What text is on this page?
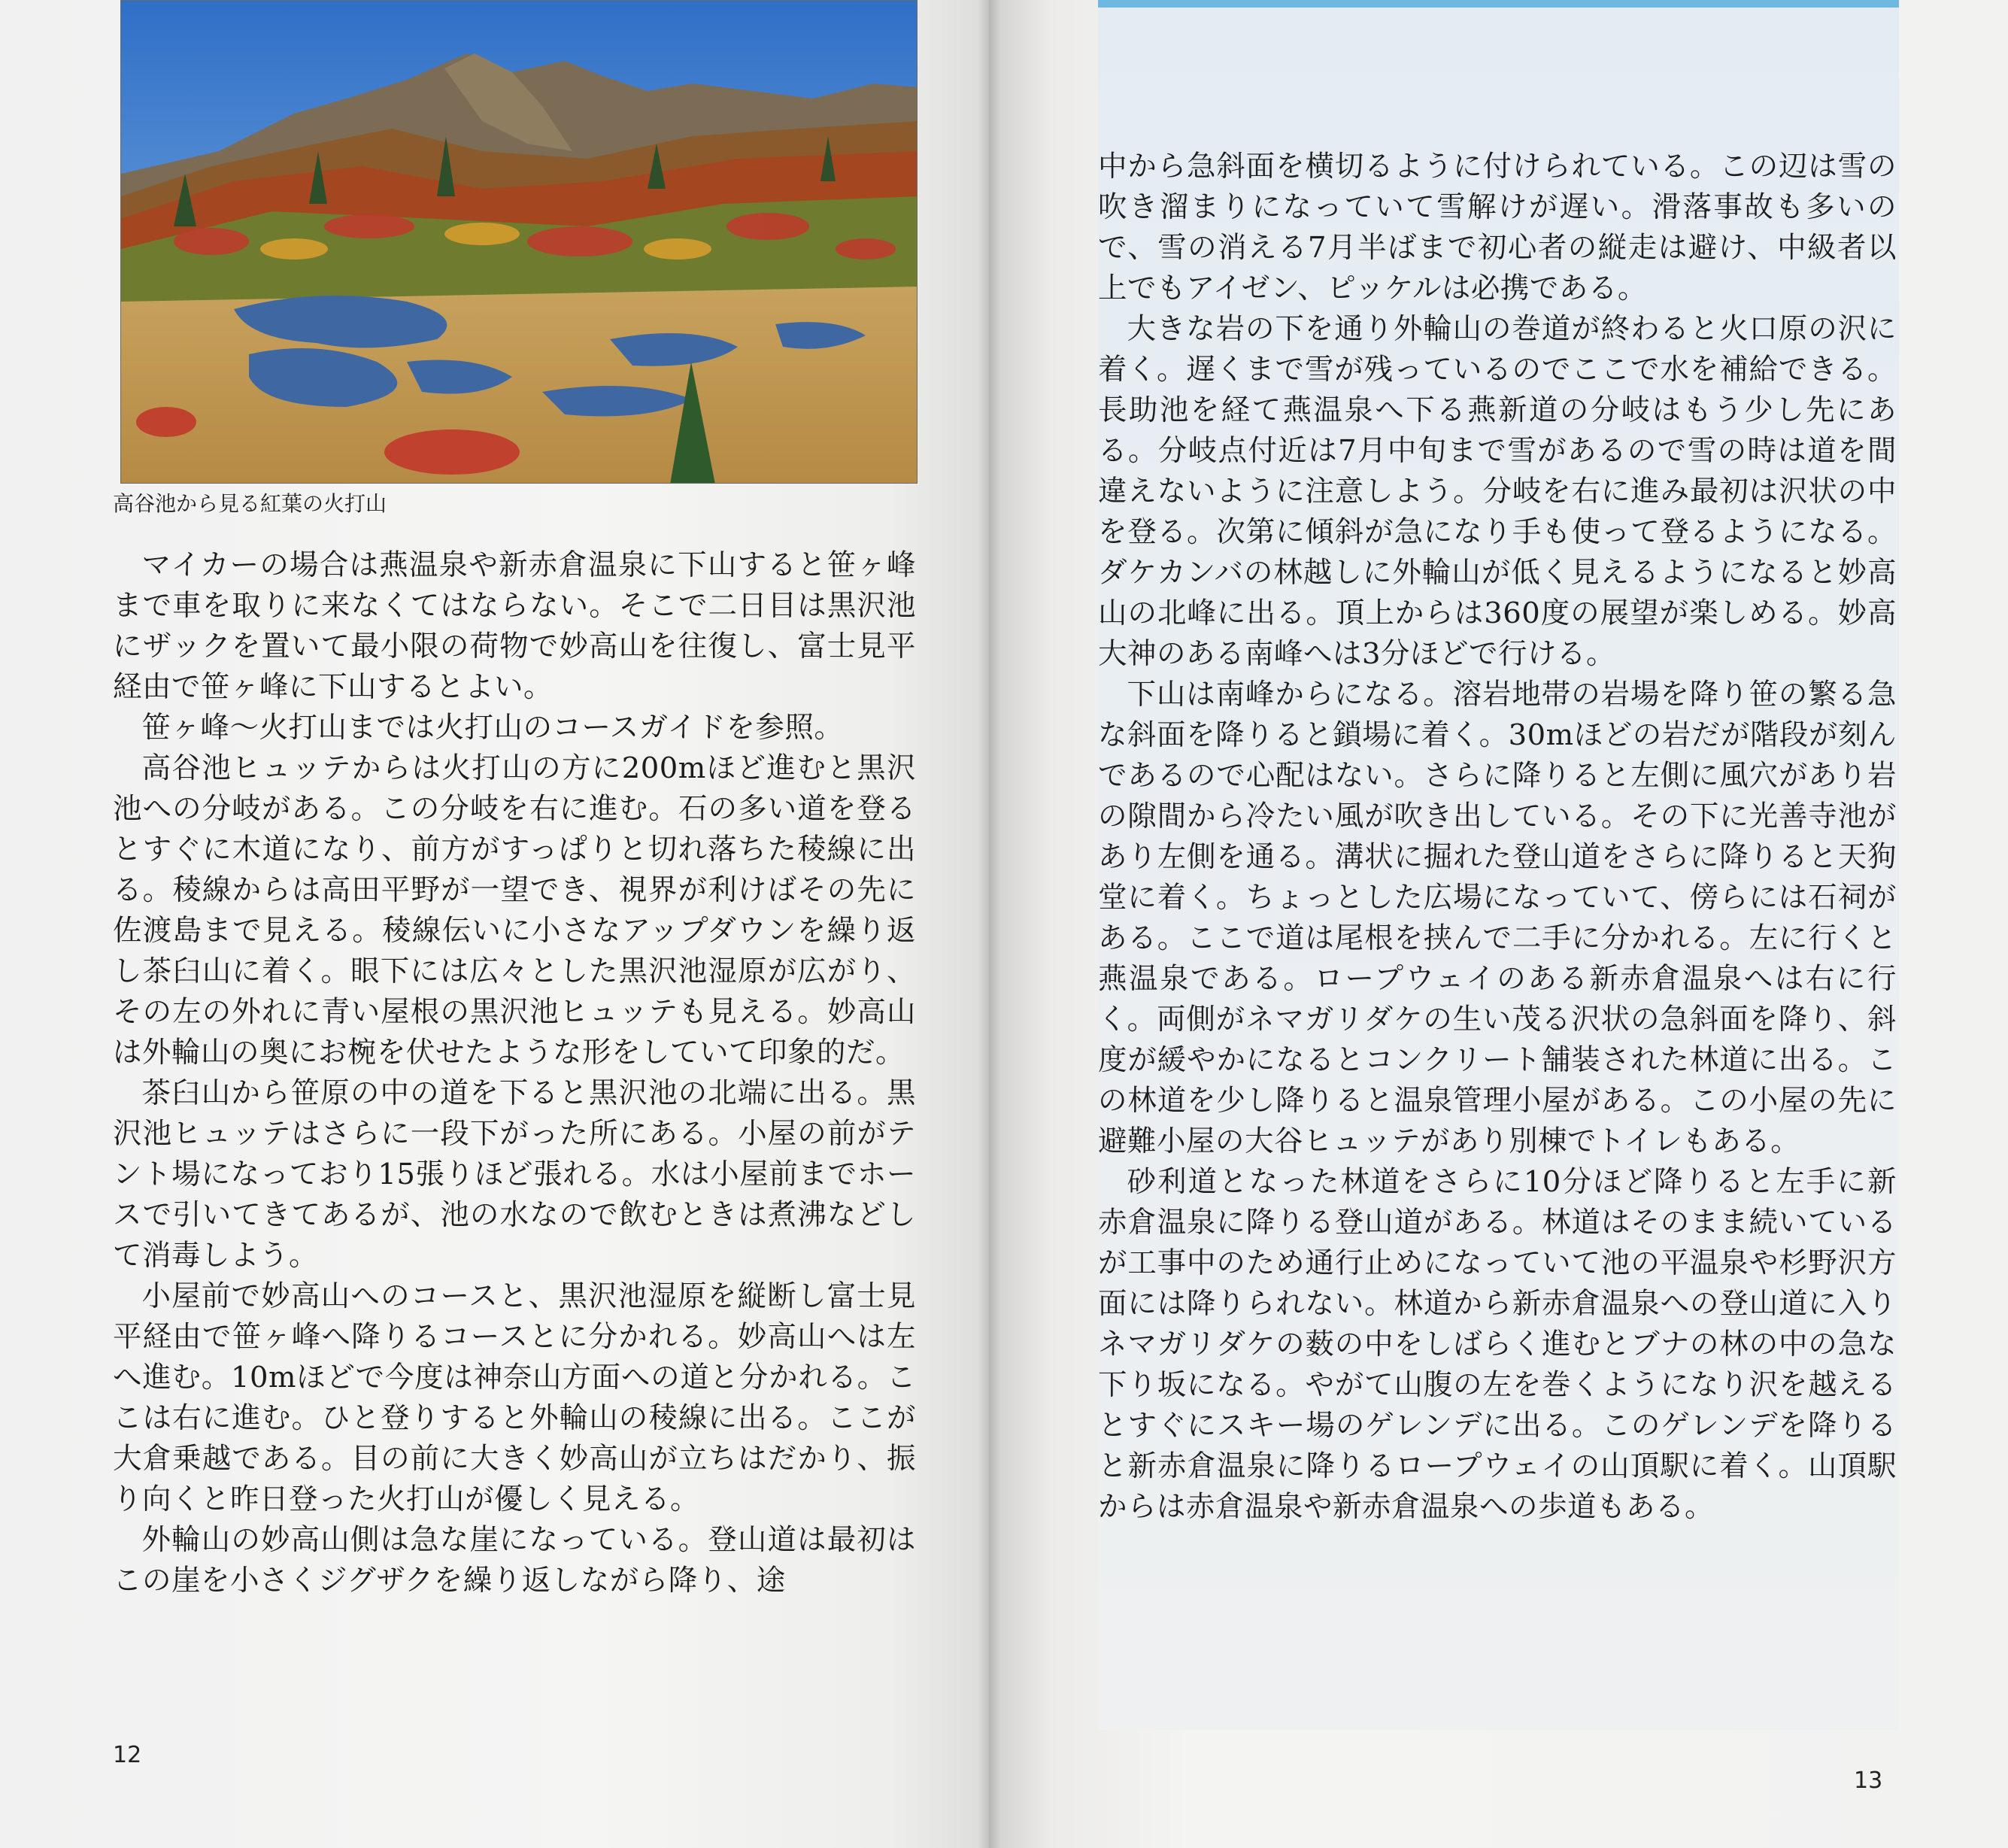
高谷池から見る紅葉の火打山

マイカーの場合は燕温泉や新赤倉温泉に下山すると笹ヶ峰まで車を取りに来なくてはならない。そこで二日目は黒沢池にザックを置いて最小限の荷物で妙高山を往復し、富士見平経由で笹ヶ峰に下山するとよい。

笹ヶ峰〜火打山までは火打山のコースガイドを参照。

高谷池ヒュッテからは火打山の方に200mほど進むと黒沢池への分岐がある。この分岐を右に進む。石の多い道を登るとすぐに木道になり、前方がすっぱりと切れ落ちた稜線に出る。稜線からは高田平野が一望でき、視界が利けばその先に佐渡島まで見える。稜線伝いに小さなアップダウンを繰り返し茶臼山に着く。眼下には広々とした黒沢池湿原が広がり、その左の外れに青い屋根の黒沢池ヒュッテも見える。妙高山は外輪山の奥にお椀を伏せたような形をしていて印象的だ。

茶臼山から笹原の中の道を下ると黒沢池の北端に出る。黒沢池ヒュッテはさらに一段下がった所にある。小屋の前がテント場になっており15張りほど張れる。水は小屋前までホースで引いてきてあるが、池の水なので飲むときは煮沸などして消毒しよう。

小屋前で妙高山へのコースと、黒沢池湿原を縦断し富士見平経由で笹ヶ峰へ降りるコースとに分かれる。妙高山へは左へ進む。10mほどで今度は神奈山方面への道と分かれる。ここは右に進む。ひと登りすると外輪山の稜線に出る。ここが大倉乗越である。目の前に大きく妙高山が立ちはだかり、振り向くと昨日登った火打山が優しく見える。

外輪山の妙高山側は急な崖になっている。登山道は最初はこの崖を小さくジグザクを繰り返しながら降り、途

12

中から急斜面を横切るように付けられている。この辺は雪の吹き溜まりになっていて雪解けが遅い。滑落事故も多いので、雪の消える7月半ばまで初心者の縦走は避け、中級者以上でもアイゼン、ピッケルは必携である。

大きな岩の下を通り外輪山の巻道が終わると火口原の沢に着く。遅くまで雪が残っているのでここで水を補給できる。長助池を経て燕温泉へ下る燕新道の分岐はもう少し先にある。分岐点付近は7月中旬まで雪があるので雪の時は道を間違えないように注意しよう。分岐を右に進み最初は沢状の中を登る。次第に傾斜が急になり手も使って登るようになる。ダケカンバの林越しに外輪山が低く見えるようになると妙高山の北峰に出る。頂上からは360度の展望が楽しめる。妙高大神のある南峰へは3分ほどで行ける。

下山は南峰からになる。溶岩地帯の岩場を降り笹の繁る急な斜面を降りると鎖場に着く。30mほどの岩だが階段が刻んであるので心配はない。さらに降りると左側に風穴があり岩の隙間から冷たい風が吹き出している。その下に光善寺池があり左側を通る。溝状に掘れた登山道をさらに降りると天狗堂に着く。ちょっとした広場になっていて、傍らには石祠がある。ここで道は尾根を挟んで二手に分かれる。左に行くと燕温泉である。ロープウェイのある新赤倉温泉へは右に行く。両側がネマガリダケの生い茂る沢状の急斜面を降り、斜度が緩やかになるとコンクリート舗装された林道に出る。この林道を少し降りると温泉管理小屋がある。この小屋の先に避難小屋の大谷ヒュッテがあり別棟でトイレもある。

砂利道となった林道をさらに10分ほど降りると左手に新赤倉温泉に降りる登山道がある。林道はそのまま続いているが工事中のため通行止めになっていて池の平温泉や杉野沢方面には降りられない。林道から新赤倉温泉への登山道に入りネマガリダケの薮の中をしばらく進むとブナの林の中の急な下り坂になる。やがて山腹の左を巻くようになり沢を越えるとすぐにスキー場のゲレンデに出る。このゲレンデを降りると新赤倉温泉に降りるロープウェイの山頂駅に着く。山頂駅からは赤倉温泉や新赤倉温泉への歩道もある。

13
